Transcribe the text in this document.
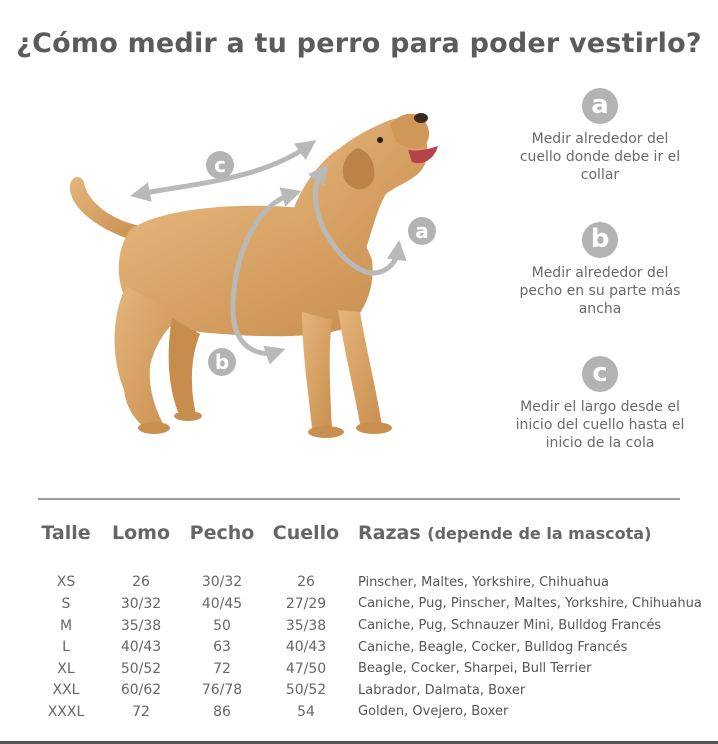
¿Cómo medir a tu perro para poder vestirlo?
c
b
a
a
Medir alrededor del cuello donde debe ir el collar
b
Medir alrededor del pecho en su parte más ancha
c
Medir el largo desde el inicio del cuello hasta el inicio de la cola
Talle	Lomo	Pecho	Cuello	Razas (depende de la mascota)

XS	26	30/32	26	Pinscher, Maltes, Yorkshire, Chihuahua
S	30/32	40/45	27/29	Caniche, Pug, Pinscher, Maltes, Yorkshire, Chihuahua
M	35/38	50	35/38	Caniche, Pug, Schnauzer Mini, Bulldog Francés
L	40/43	63	40/43	Caniche, Beagle, Cocker, Bulldog Francés
XL	50/52	72	47/50	Beagle, Cocker, Sharpei, Bull Terrier
XXL	60/62	76/78	50/52	Labrador, Dalmata, Boxer
XXXL	72	86	54	Golden, Ovejero, Boxer
